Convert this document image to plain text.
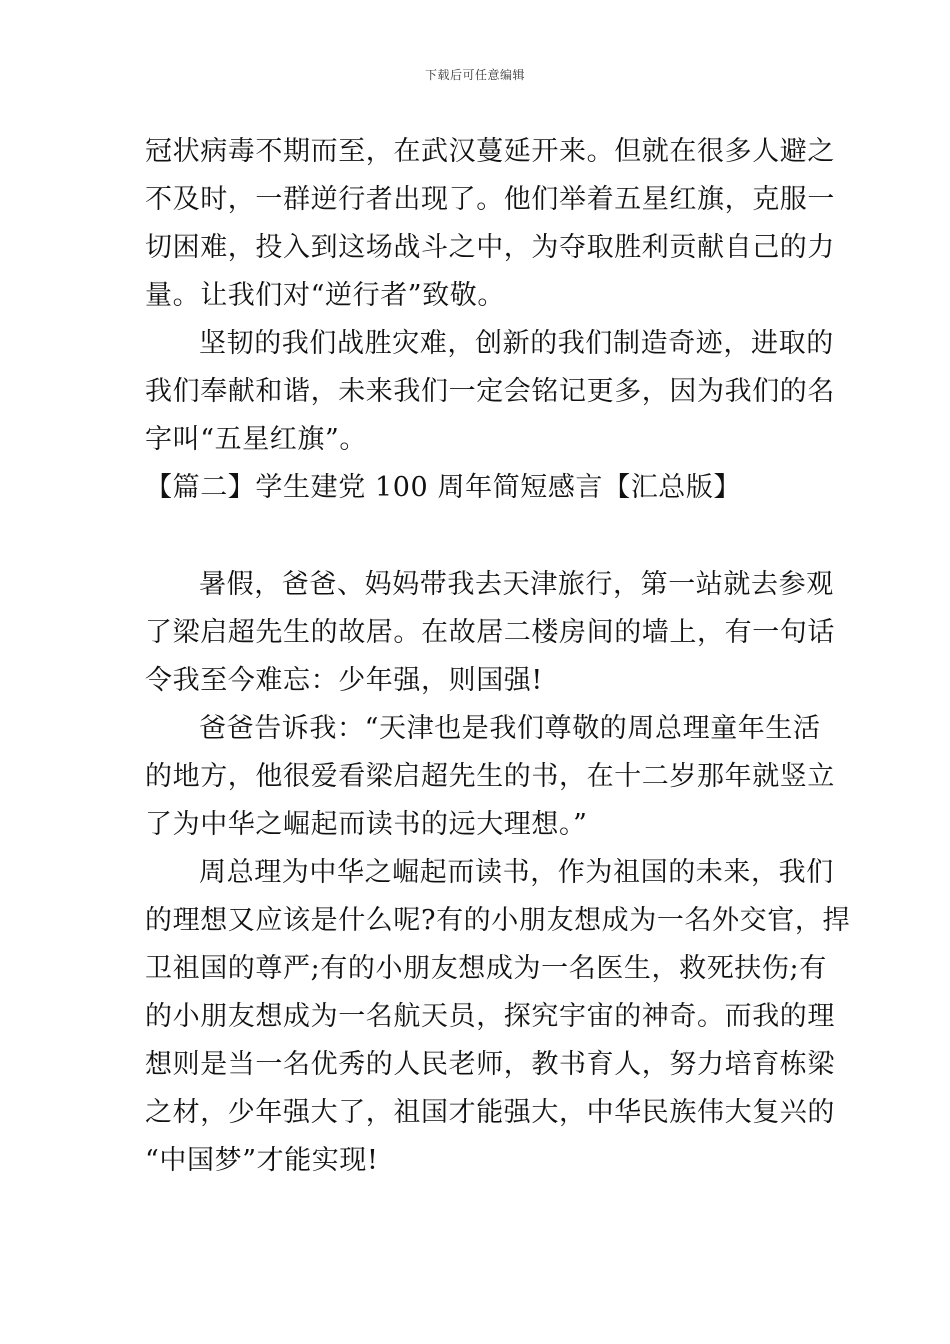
下载后可任意编辑
冠状病毒不期而至，在武汉蔓延开来。但就在很多人避之
不及时，一群逆行者出现了。他们举着五星红旗，克服一
切困难，投入到这场战斗之中，为夺取胜利贡献自己的力
量。让我们对“逆行者”致敬。
坚韧的我们战胜灾难，创新的我们制造奇迹，进取的
我们奉献和谐，未来我们一定会铭记更多，因为我们的名
字叫“五星红旗”。
【篇二】学生建党 100 周年简短感言【汇总版】
暑假，爸爸、妈妈带我去天津旅行，第一站就去参观
了梁启超先生的故居。在故居二楼房间的墙上，有一句话
令我至今难忘：少年强，则国强!
爸爸告诉我：“天津也是我们尊敬的周总理童年生活
的地方，他很爱看梁启超先生的书，在十二岁那年就竖立
了为中华之崛起而读书的远大理想。”
周总理为中华之崛起而读书，作为祖国的未来，我们
的理想又应该是什么呢?有的小朋友想成为一名外交官，捍
卫祖国的尊严;有的小朋友想成为一名医生，救死扶伤;有
的小朋友想成为一名航天员，探究宇宙的神奇。而我的理
想则是当一名优秀的人民老师，教书育人，努力培育栋梁
之材，少年强大了，祖国才能强大，中华民族伟大复兴的
“中国梦”才能实现!
